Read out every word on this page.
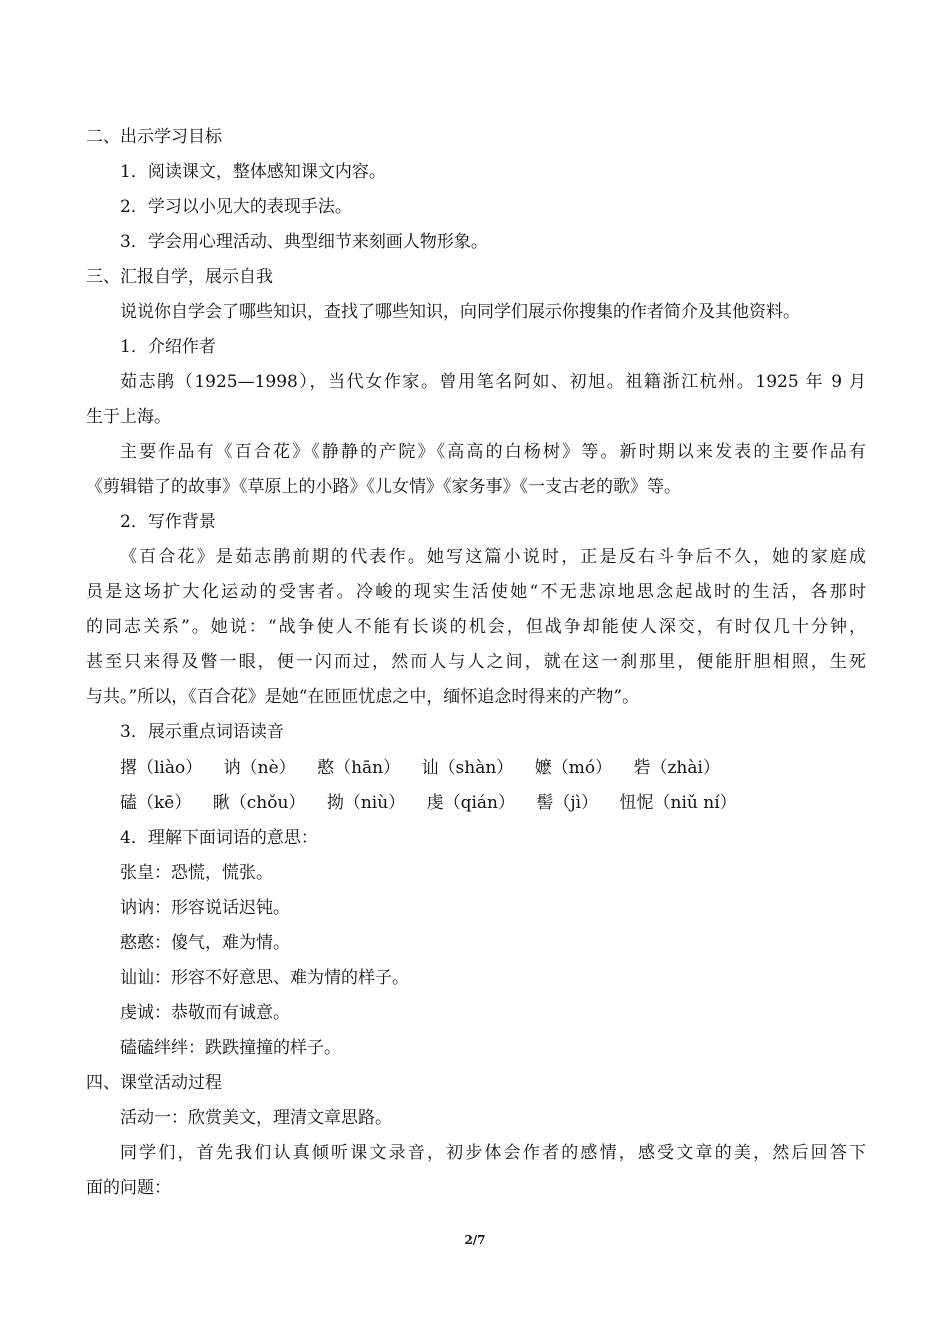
二、出示学习目标
1．阅读课文，整体感知课文内容。
2．学习以小见大的表现手法。
3．学会用心理活动、典型细节来刻画人物形象。
三、汇报自学，展示自我
说说你自学会了哪些知识，查找了哪些知识，向同学们展示你搜集的作者简介及其他资料。
1．介绍作者
茹志鹃（1925—1998），当代女作家。曾用笔名阿如、初旭。祖籍浙江杭州。1925 年 9 月
生于上海。
主要作品有《百合花》《静静的产院》《高高的白杨树》等。新时期以来发表的主要作品有
《剪辑错了的故事》《草原上的小路》《儿女情》《家务事》《一支古老的歌》等。
2．写作背景
《百合花》是茹志鹃前期的代表作。她写这篇小说时，正是反右斗争后不久，她的家庭成
员是这场扩大化运动的受害者。冷峻的现实生活使她“不无悲凉地思念起战时的生活，各那时
的同志关系”。她说：“战争使人不能有长谈的机会，但战争却能使人深交，有时仅几十分钟，
甚至只来得及瞥一眼，便一闪而过，然而人与人之间，就在这一刹那里，便能肝胆相照，生死
与共。”所以，《百合花》是她“在匝匝忧虑之中，缅怀追念时得来的产物”。
3．展示重点词语读音
撂（liào） 讷（nè） 憨（hān） 讪（shàn） 嬷（mó） 砦（zhài）
磕（kē） 瞅（chǒu） 拗（niù） 虔（qián） 髻（jì） 忸怩（niǔ ní）
4．理解下面词语的意思：
张皇：恐慌，慌张。
讷讷：形容说话迟钝。
憨憨：傻气，难为情。
讪讪：形容不好意思、难为情的样子。
虔诚：恭敬而有诚意。
磕磕绊绊：跌跌撞撞的样子。
四、课堂活动过程
活动一：欣赏美文，理清文章思路。
同学们，首先我们认真倾听课文录音，初步体会作者的感情，感受文章的美，然后回答下
面的问题：
2/7
